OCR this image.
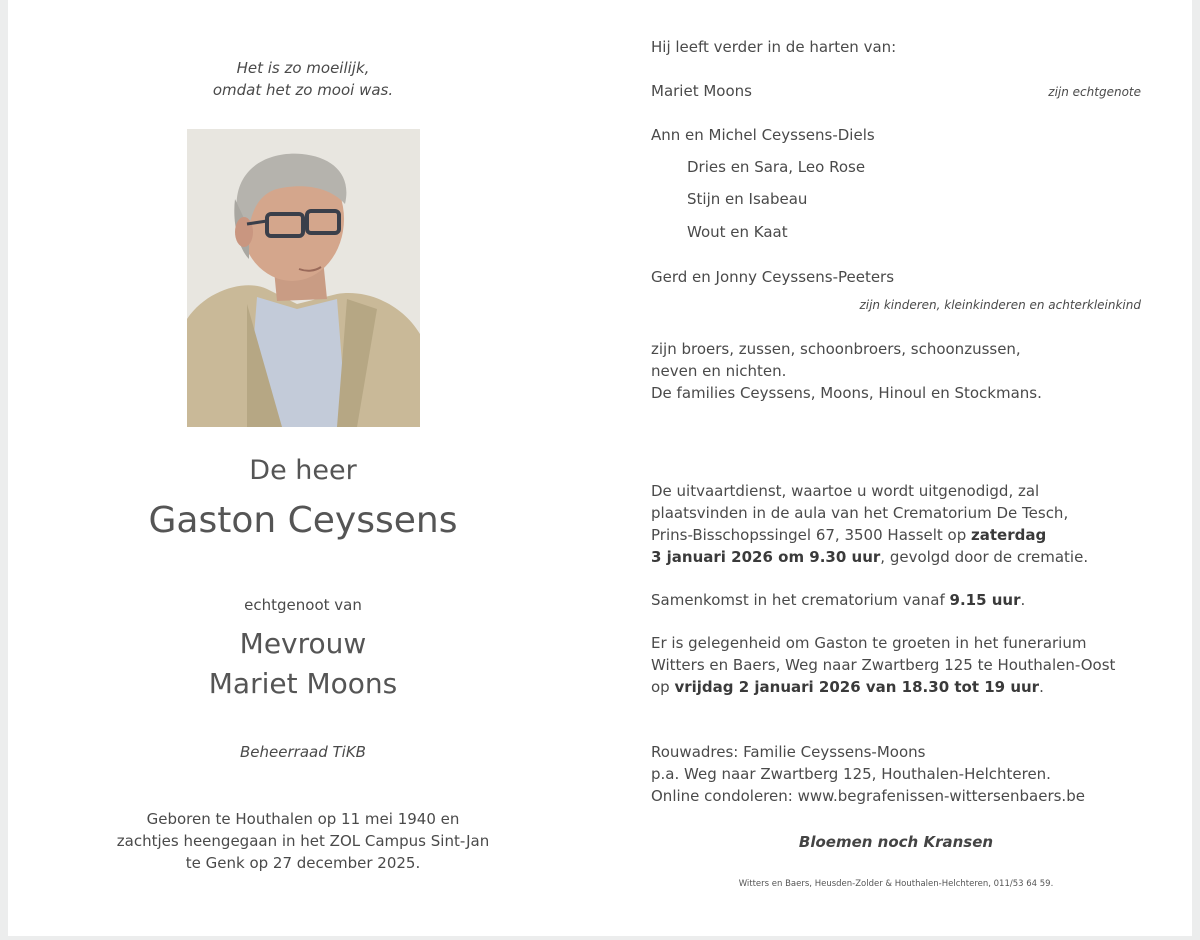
Het is zo moeilijk,
omdat het zo mooi was.
De heer
Gaston Ceyssens
echtgenoot van
Mevrouw
Mariet Moons
Beheerraad TiKB
Geboren te Houthalen op 11 mei 1940 en
zachtjes heengegaan in het ZOL Campus Sint-Jan
te Genk op 27 december 2025.
Hij leeft verder in de harten van:
Mariet Moons	zijn echtgenote
Ann en Michel Ceyssens-Diels
Dries en Sara, Leo Rose
Stijn en Isabeau
Wout en Kaat
Gerd en Jonny Ceyssens-Peeters
zijn kinderen, kleinkinderen en achterkleinkind
zijn broers, zussen, schoonbroers, schoonzussen,
neven en nichten.
De families Ceyssens, Moons, Hinoul en Stockmans.
De uitvaartdienst, waartoe u wordt uitgenodigd, zal
plaatsvinden in de aula van het Crematorium De Tesch,
Prins-Bisschopssingel 67, 3500 Hasselt op zaterdag
3 januari 2026 om 9.30 uur, gevolgd door de crematie.
Samenkomst in het crematorium vanaf 9.15 uur.
Er is gelegenheid om Gaston te groeten in het funerarium
Witters en Baers, Weg naar Zwartberg 125 te Houthalen-Oost
op vrijdag 2 januari 2026 van 18.30 tot 19 uur.
Rouwadres: Familie Ceyssens-Moons
p.a. Weg naar Zwartberg 125, Houthalen-Helchteren.
Online condoleren: www.begrafenissen-wittersenbaers.be
Bloemen noch Kransen
Witters en Baers, Heusden-Zolder & Houthalen-Helchteren, 011/53 64 59.
